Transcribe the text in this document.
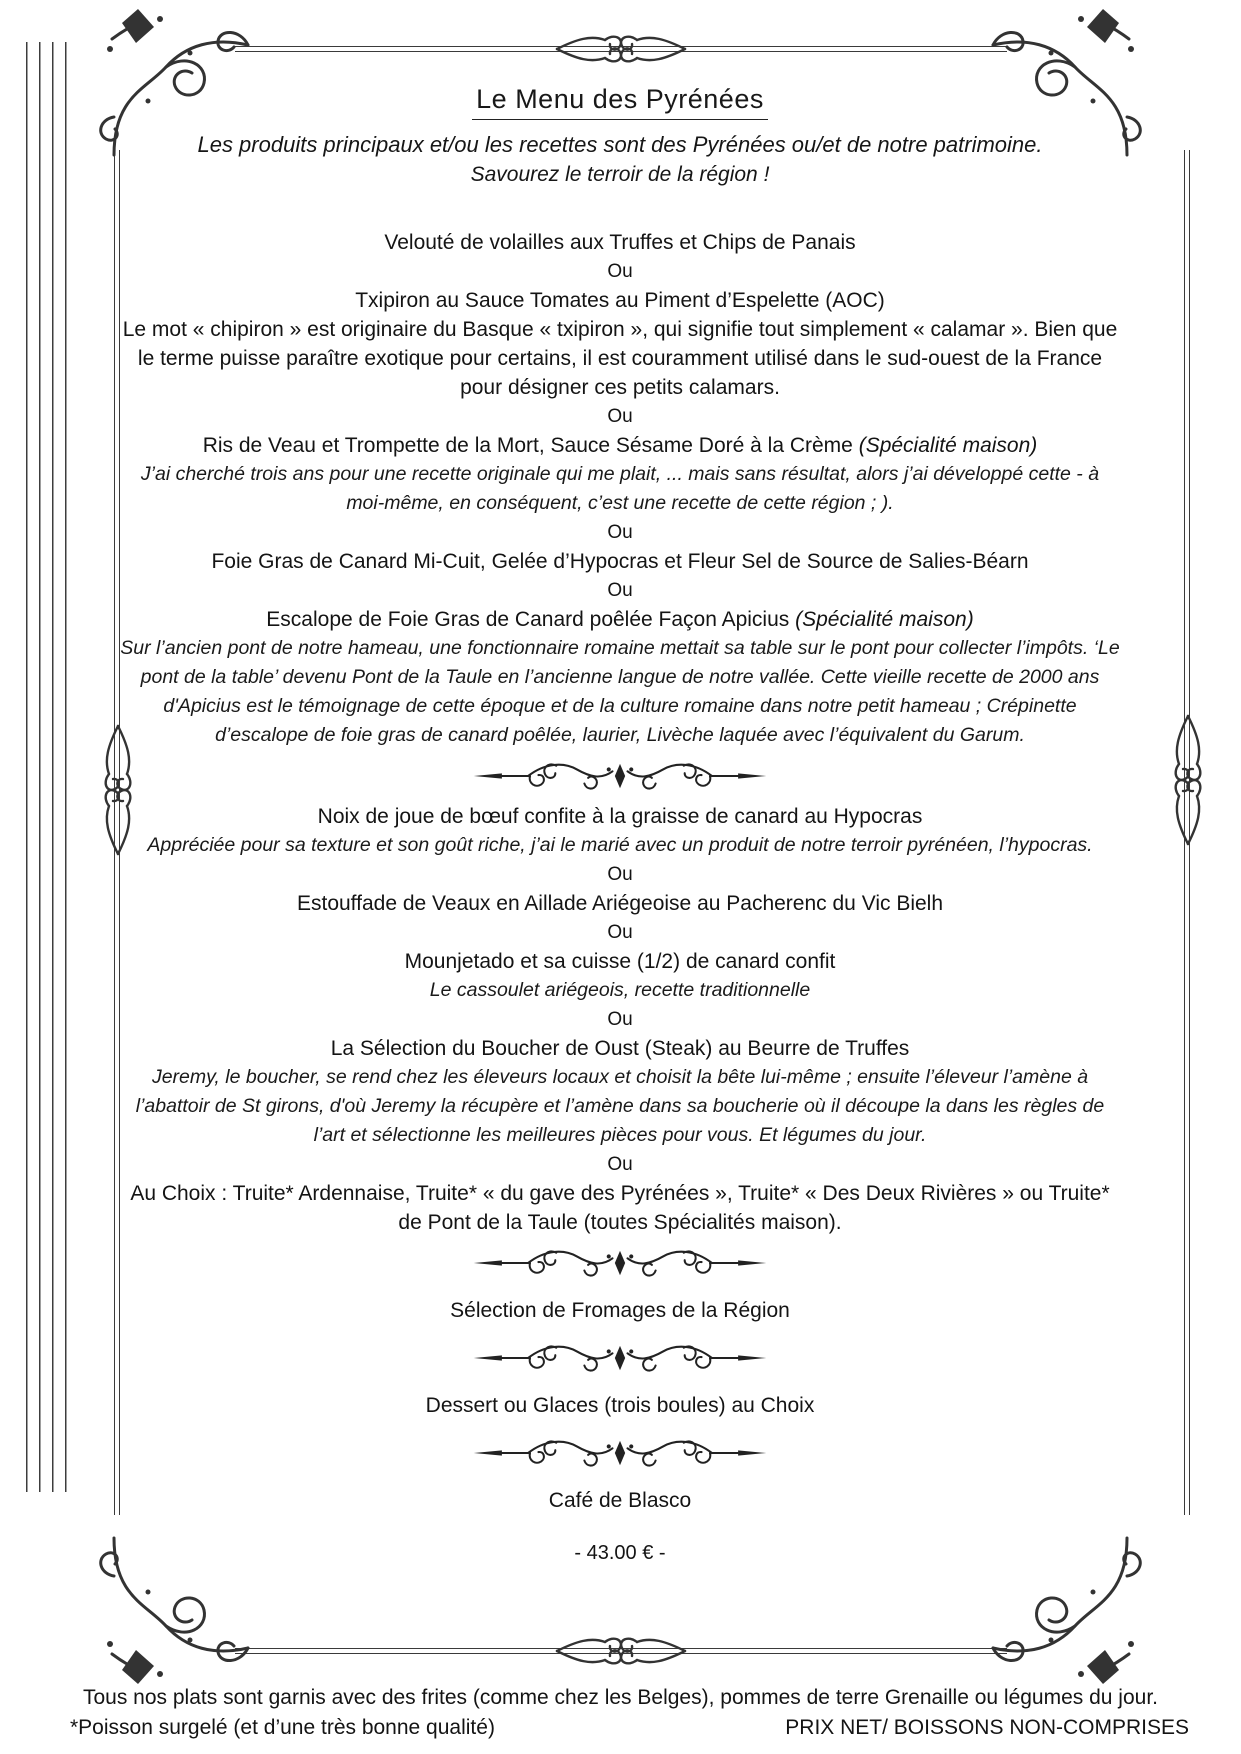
Le Menu des Pyrénées
Les produits principaux et/ou les recettes sont des Pyrénées ou/et de notre patrimoine.
Savourez le terroir de la région !
Velouté de volailles aux Truffes et Chips de Panais
Ou
Txipiron au Sauce Tomates au Piment d’Espelette (AOC)
Le mot « chipiron » est originaire du Basque « txipiron », qui signifie tout simplement « calamar ». Bien que le terme puisse paraître exotique pour certains, il est couramment utilisé dans le sud-ouest de la France pour désigner ces petits calamars.
Ou
Ris de Veau et Trompette de la Mort, Sauce Sésame Doré à la Crème (Spécialité maison)
J’ai cherché trois ans pour une recette originale qui me plait, ... mais sans résultat, alors j’ai développé cette - à moi-même, en conséquent, c’est une recette de cette région ; ).
Ou
Foie Gras de Canard Mi-Cuit, Gelée d’Hypocras et Fleur Sel de Source de Salies-Béarn
Ou
Escalope de Foie Gras de Canard poêlée Façon Apicius (Spécialité maison)
Sur l’ancien pont de notre hameau, une fonctionnaire romaine mettait sa table sur le pont pour collecter l’impôts. ‘Le pont de la table’ devenu Pont de la Taule en l’ancienne langue de notre vallée. Cette vieille recette de 2000 ans d'Apicius est le témoignage de cette époque et de la culture romaine dans notre petit hameau ; Crépinette d’escalope de foie gras de canard poêlée, laurier, Livèche laquée avec l’équivalent du Garum.
Noix de joue de bœuf confite à la graisse de canard au Hypocras
Appréciée pour sa texture et son goût riche, j’ai le marié avec un produit de notre terroir pyrénéen, l’hypocras.
Ou
Estouffade de Veaux en Aillade Ariégeoise au Pacherenc du Vic Bielh
Ou
Mounjetado et sa cuisse (1/2) de canard confit
Le cassoulet ariégeois, recette traditionnelle
Ou
La Sélection du Boucher de Oust (Steak) au Beurre de Truffes
Jeremy, le boucher, se rend chez les éleveurs locaux et choisit la bête lui-même ; ensuite l’éleveur l’amène à l’abattoir de St girons, d'où Jeremy la récupère et l’amène dans sa boucherie où il découpe la dans les règles de l’art et sélectionne les meilleures pièces pour vous. Et légumes du jour.
Ou
Au Choix : Truite* Ardennaise, Truite* « du gave des Pyrénées », Truite* « Des Deux Rivières » ou Truite* de Pont de la Taule (toutes Spécialités maison).
Sélection de Fromages de la Région
Dessert ou Glaces (trois boules) au Choix
Café de Blasco
- 43.00 € -
Tous nos plats sont garnis avec des frites (comme chez les Belges), pommes de terre Grenaille ou légumes du jour.
*Poisson surgelé (et d’une très bonne qualité)	PRIX NET/ BOISSONS NON-COMPRISES
